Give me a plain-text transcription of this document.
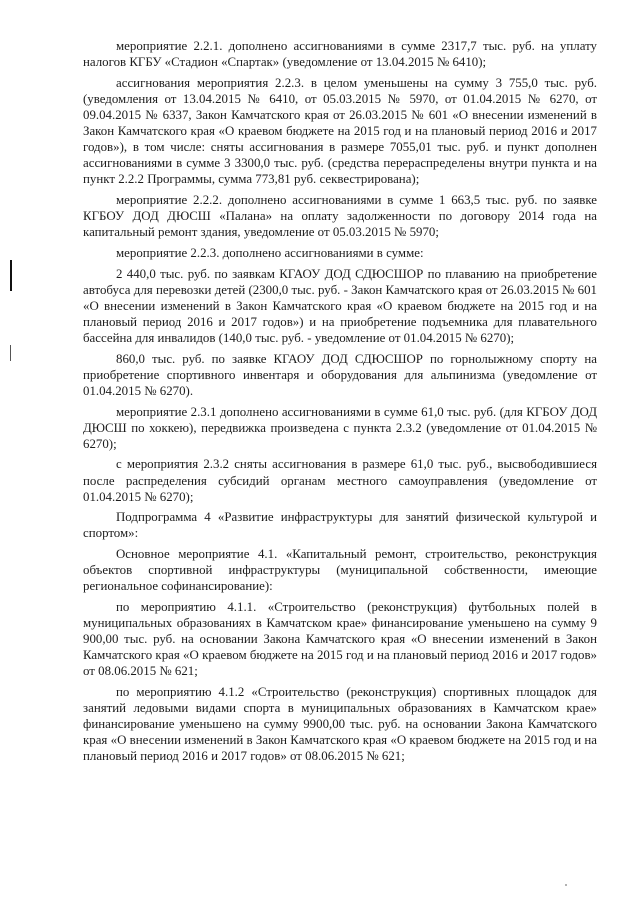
мероприятие 2.2.1. дополнено ассигнованиями в сумме 2317,7 тыс. руб. на уплату налогов КГБУ «Стадион «Спартак» (уведомление от 13.04.2015 № 6410);

ассигнования мероприятия 2.2.3. в целом уменьшены на сумму 3 755,0 тыс. руб. (уведомления от 13.04.2015 № 6410, от 05.03.2015 № 5970, от 01.04.2015 № 6270, от 09.04.2015 № 6337, Закон Камчатского края от 26.03.2015 № 601 «О внесении изменений в Закон Камчатского края «О краевом бюджете на 2015 год и на плановый период 2016 и 2017 годов»), в том числе: сняты ассигнования в размере 7055,01 тыс. руб. и пункт дополнен ассигнованиями в сумме 3 3300,0 тыс. руб. (средства перераспределены внутри пункта и на пункт 2.2.2 Программы, сумма 773,81 руб. секвестрирована);

мероприятие 2.2.2. дополнено ассигнованиями в сумме 1 663,5 тыс. руб. по заявке КГБОУ ДОД ДЮСШ «Палана» на оплату задолженности по договору 2014 года на капитальный ремонт здания, уведомление от 05.03.2015 № 5970;

мероприятие 2.2.3. дополнено ассигнованиями в сумме:

2 440,0 тыс. руб. по заявкам КГАОУ ДОД СДЮСШОР по плаванию на приобретение автобуса для перевозки детей (2300,0 тыс. руб. - Закон Камчатского края от 26.03.2015 № 601 «О внесении изменений в Закон Камчатского края «О краевом бюджете на 2015 год и на плановый период 2016 и 2017 годов») и на приобретение подъемника для плавательного бассейна для инвалидов (140,0 тыс. руб. - уведомление от 01.04.2015 № 6270);

860,0 тыс. руб. по заявке КГАОУ ДОД СДЮСШОР по горнолыжному спорту на приобретение спортивного инвентаря и оборудования для альпинизма (уведомление от 01.04.2015 № 6270).

мероприятие 2.3.1 дополнено ассигнованиями в сумме 61,0 тыс. руб. (для КГБОУ ДОД ДЮСШ по хоккею), передвижка произведена с пункта 2.3.2 (уведомление от 01.04.2015 № 6270);

с мероприятия 2.3.2 сняты ассигнования в размере 61,0 тыс. руб., высвободившиеся после распределения субсидий органам местного самоуправления (уведомление от 01.04.2015 № 6270);

Подпрограмма 4 «Развитие инфраструктуры для занятий физической культурой и спортом»:

Основное мероприятие 4.1. «Капитальный ремонт, строительство, реконструкция объектов спортивной инфраструктуры (муниципальной собственности, имеющие региональное софинансирование):

по мероприятию 4.1.1. «Строительство (реконструкция) футбольных полей в муниципальных образованиях в Камчатском крае» финансирование уменьшено на сумму 9 900,00 тыс. руб. на основании Закона Камчатского края «О внесении изменений в Закон Камчатского края «О краевом бюджете на 2015 год и на плановый период 2016 и 2017 годов» от 08.06.2015 № 621;

по мероприятию 4.1.2 «Строительство (реконструкция) спортивных площадок для занятий ледовыми видами спорта в муниципальных образованиях в Камчатском крае» финансирование уменьшено на сумму 9900,00 тыс. руб. на основании Закона Камчатского края «О внесении изменений в Закон Камчатского края «О краевом бюджете на 2015 год и на плановый период 2016 и 2017 годов» от 08.06.2015 № 621;
